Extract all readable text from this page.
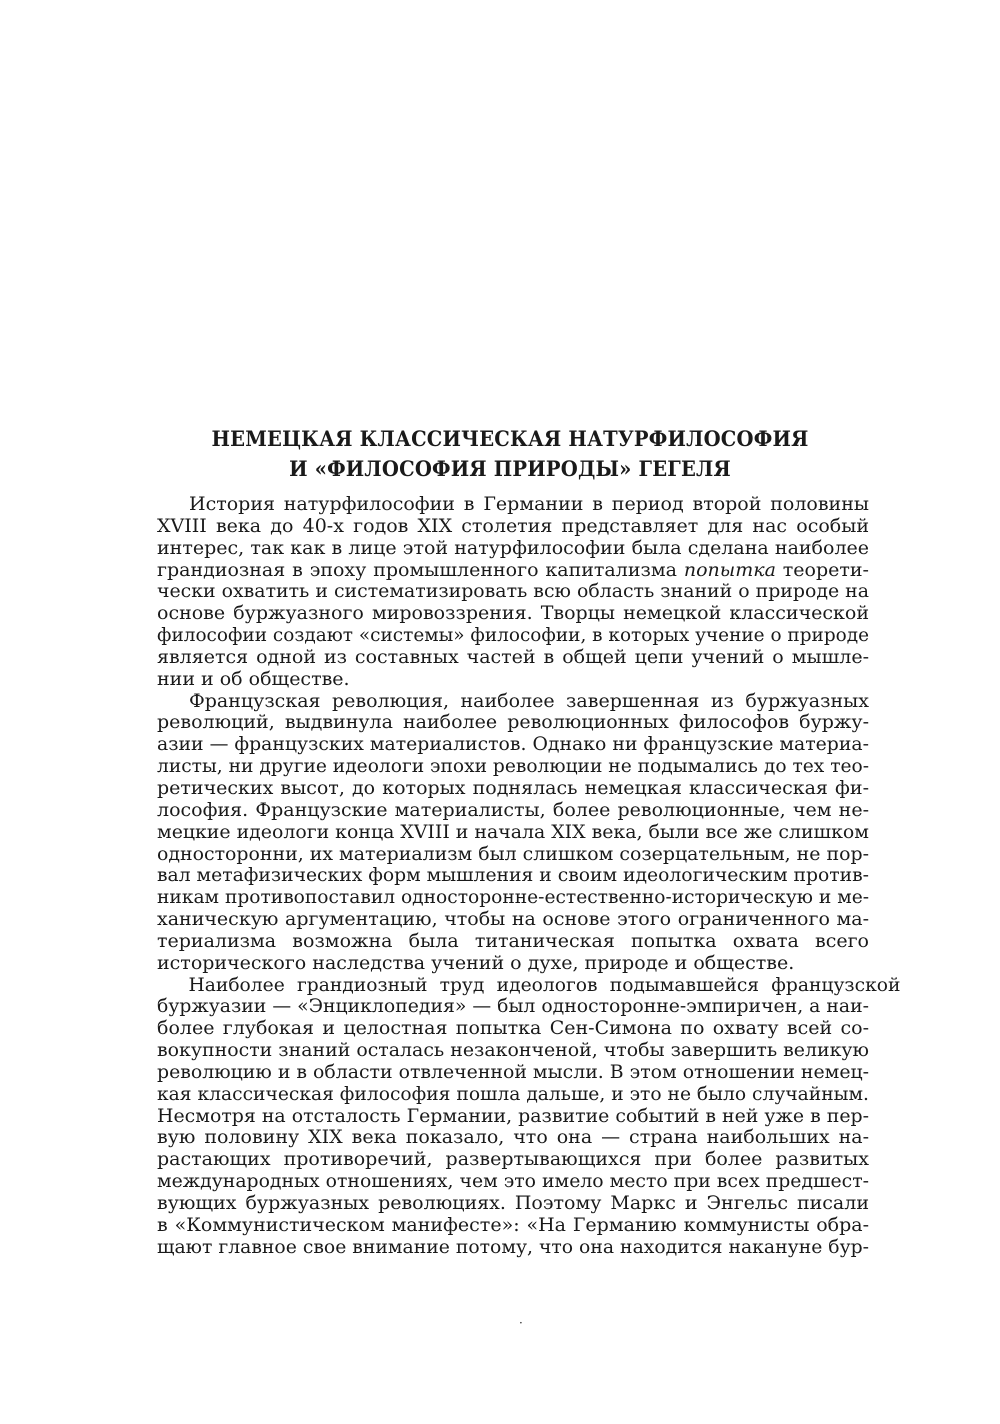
НЕМЕЦКАЯ КЛАССИЧЕСКАЯ НАТУРФИЛОСОФИЯ
И «ФИЛОСОФИЯ ПРИРОДЫ» ГЕГЕЛЯ
История натурфилософии в Германии в период второй половины
XVIII века до 40-х годов XIX столетия представляет для нас особый
интерес, так как в лице этой натурфилософии была сделана наиболее
грандиозная в эпоху промышленного капитализма попытка теорети-
чески охватить и систематизировать всю область знаний о природе на
основе буржуазного мировоззрения. Творцы немецкой классической
философии создают «системы» философии, в которых учение о природе
является одной из составных частей в общей цепи учений о мышле-
нии и об обществе.
Французская революция, наиболее завершенная из буржуазных
революций, выдвинула наиболее революционных философов буржу-
азии — французских материалистов. Однако ни французские материа-
листы, ни другие идеологи эпохи революции не подымались до тех тео-
ретических высот, до которых поднялась немецкая классическая фи-
лософия. Французские материалисты, более революционные, чем не-
мецкие идеологи конца XVIII и начала XIX века, были все же слишком
односторонни, их материализм был слишком созерцательным, не пор-
вал метафизических форм мышления и своим идеологическим против-
никам противопоставил односторонне-естественно-историческую и ме-
ханическую аргументацию, чтобы на основе этого ограниченного ма-
териализма возможна была титаническая попытка охвата всего
исторического наследства учений о духе, природе и обществе.
Наиболее грандиозный труд идеологов подымавшейся французской
буржуазии — «Энциклопедия» — был односторонне-эмпиричен, а наи-
более глубокая и целостная попытка Сен-Симона по охвату всей со-
вокупности знаний осталась незаконченой, чтобы завершить великую
революцию и в области отвлеченной мысли. В этом отношении немец-
кая классическая философия пошла дальше, и это не было случайным.
Несмотря на отсталость Германии, развитие событий в ней уже в пер-
вую половину XIX века показало, что она — страна наибольших на-
растающих противоречий, развертывающихся при более развитых
международных отношениях, чем это имело место при всех предшест-
вующих буржуазных революциях. Поэтому Маркс и Энгельс писали
в «Коммунистическом манифесте»: «На Германию коммунисты обра-
щают главное свое внимание потому, что она находится накануне бур-
·
